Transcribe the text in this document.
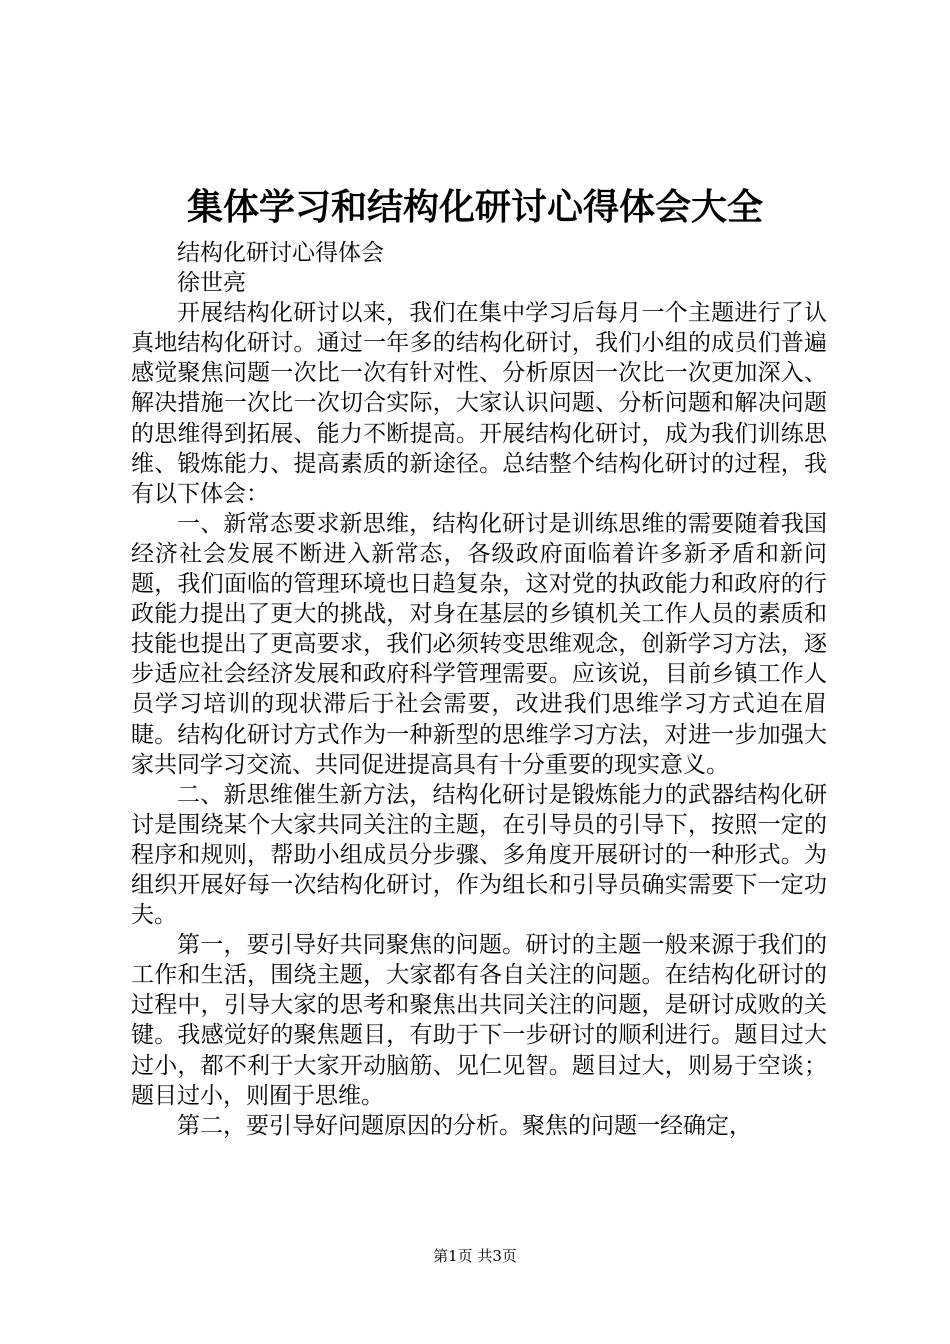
集体学习和结构化研讨心得体会大全

结构化研讨心得体会

徐世亮

开展结构化研讨以来，我们在集中学习后每月一个主题进行了认真地结构化研讨。通过一年多的结构化研讨，我们小组的成员们普遍感觉聚焦问题一次比一次有针对性、分析原因一次比一次更加深入、解决措施一次比一次切合实际，大家认识问题、分析问题和解决问题的思维得到拓展、能力不断提高。开展结构化研讨，成为我们训练思维、锻炼能力、提高素质的新途径。总结整个结构化研讨的过程，我有以下体会：

一、新常态要求新思维，结构化研讨是训练思维的需要随着我国经济社会发展不断进入新常态，各级政府面临着许多新矛盾和新问题，我们面临的管理环境也日趋复杂，这对党的执政能力和政府的行政能力提出了更大的挑战，对身在基层的乡镇机关工作人员的素质和技能也提出了更高要求，我们必须转变思维观念，创新学习方法，逐步适应社会经济发展和政府科学管理需要。应该说，目前乡镇工作人员学习培训的现状滞后于社会需要，改进我们思维学习方式迫在眉睫。结构化研讨方式作为一种新型的思维学习方法，对进一步加强大家共同学习交流、共同促进提高具有十分重要的现实意义。

二、新思维催生新方法，结构化研讨是锻炼能力的武器结构化研讨是围绕某个大家共同关注的主题，在引导员的引导下，按照一定的程序和规则，帮助小组成员分步骤、多角度开展研讨的一种形式。为组织开展好每一次结构化研讨，作为组长和引导员确实需要下一定功夫。

第一，要引导好共同聚焦的问题。研讨的主题一般来源于我们的工作和生活，围绕主题，大家都有各自关注的问题。在结构化研讨的过程中，引导大家的思考和聚焦出共同关注的问题，是研讨成败的关键。我感觉好的聚焦题目，有助于下一步研讨的顺利进行。题目过大过小，都不利于大家开动脑筋、见仁见智。题目过大，则易于空谈；题目过小，则囿于思维。

第二，要引导好问题原因的分析。聚焦的问题一经确定，

第1页 共3页
